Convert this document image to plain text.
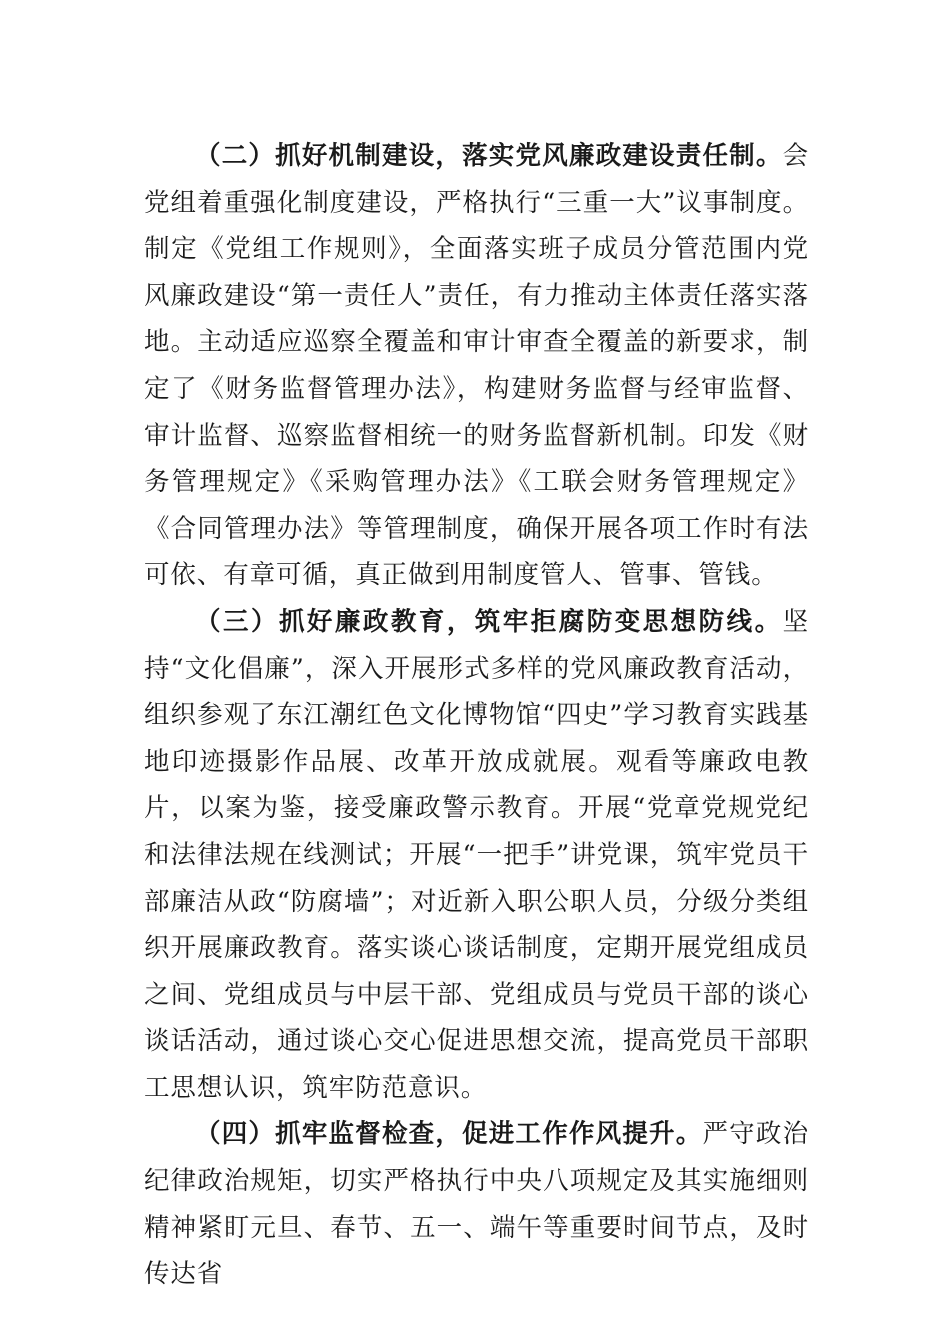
（二）抓好机制建设，落实党风廉政建设责任制。会党组着重强化制度建设，严格执行“三重一大”议事制度。制定《党组工作规则》，全面落实班子成员分管范围内党风廉政建设“第一责任人”责任，有力推动主体责任落实落地。主动适应巡察全覆盖和审计审查全覆盖的新要求，制定了《财务监督管理办法》，构建财务监督与经审监督、审计监督、巡察监督相统一的财务监督新机制。印发《财务管理规定》《采购管理办法》《工联会财务管理规定》《合同管理办法》等管理制度，确保开展各项工作时有法可依、有章可循，真正做到用制度管人、管事、管钱。

（三）抓好廉政教育，筑牢拒腐防变思想防线。坚持“文化倡廉”，深入开展形式多样的党风廉政教育活动，组织参观了东江潮红色文化博物馆“四史”学习教育实践基地印迹摄影作品展、改革开放成就展。观看等廉政电教片，以案为鉴，接受廉政警示教育。开展“党章党规党纪和法律法规在线测试；开展“一把手”讲党课，筑牢党员干部廉洁从政“防腐墙”；对近新入职公职人员，分级分类组织开展廉政教育。落实谈心谈话制度，定期开展党组成员之间、党组成员与中层干部、党组成员与党员干部的谈心谈话活动，通过谈心交心促进思想交流，提高党员干部职工思想认识，筑牢防范意识。

（四）抓牢监督检查，促进工作作风提升。严守政治纪律政治规矩，切实严格执行中央八项规定及其实施细则精神紧盯元旦、春节、五一、端午等重要时间节点，及时传达省
